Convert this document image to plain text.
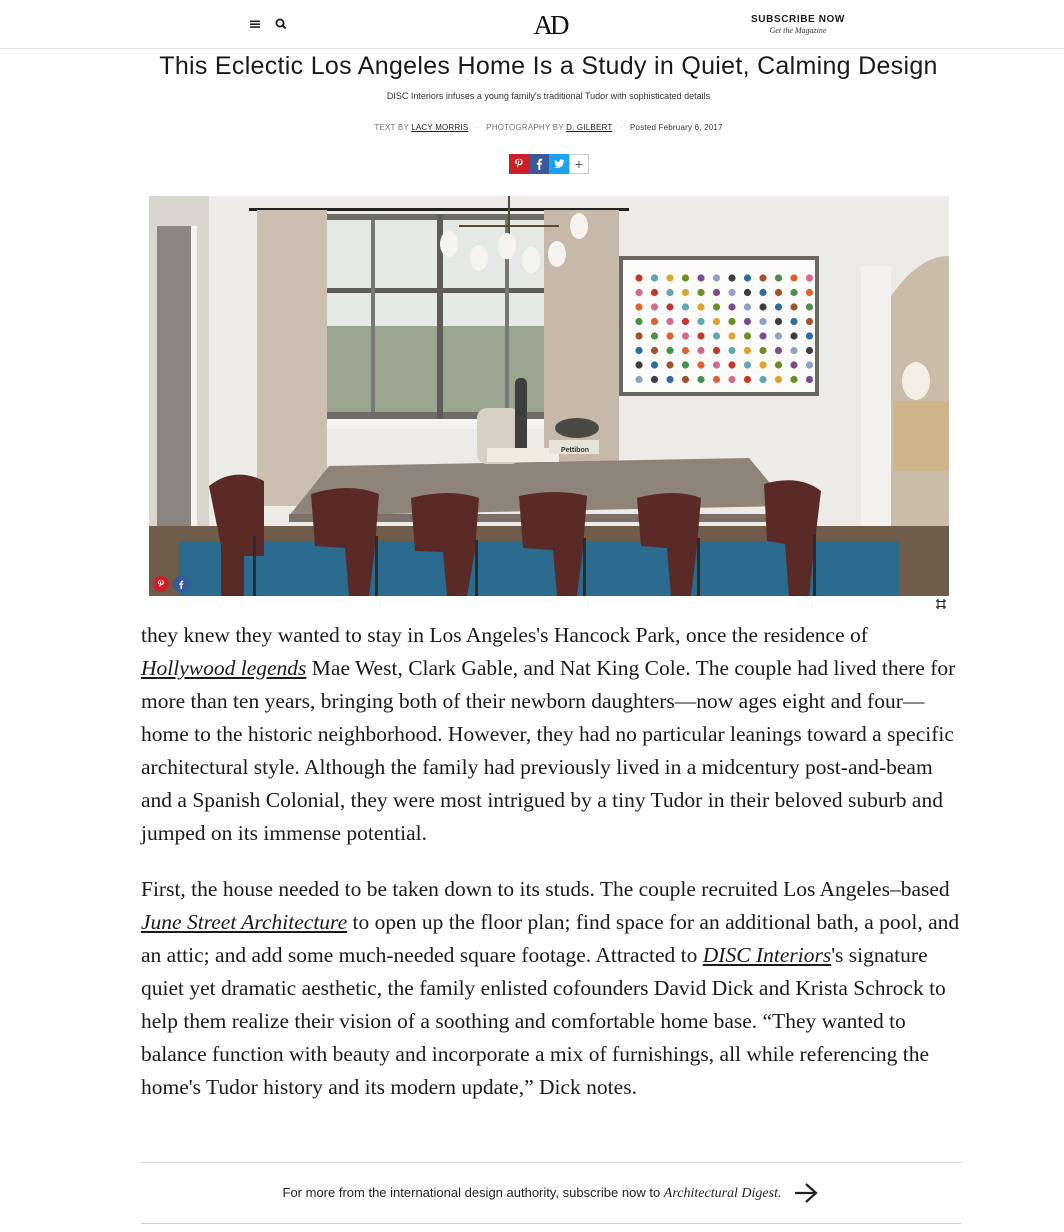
AD	SUBSCRIBE NOW
Get the Magazine
This Eclectic Los Angeles Home Is a Study in Quiet, Calming Design
DISC Interiors infuses a young family's traditional Tudor with sophisticated details
TEXT BY LACY MORRIS · PHOTOGRAPHY BY D. GILBERT · Posted February 6, 2017
+
Pettibon

they knew they wanted to stay in Los Angeles's Hancock Park, once the residence of Hollywood legends Mae West, Clark Gable, and Nat King Cole. The couple had lived there for more than ten years, bringing both of their newborn daughters—now ages eight and four—home to the historic neighborhood. However, they had no particular leanings toward a specific architectural style. Although the family had previously lived in a midcentury post-and-beam and a Spanish Colonial, they were most intrigued by a tiny Tudor in their beloved suburb and jumped on its immense potential.

First, the house needed to be taken down to its studs. The couple recruited Los Angeles–based June Street Architecture to open up the floor plan; find space for an additional bath, a pool, and an attic; and add some much-needed square footage. Attracted to DISC Interiors's signature quiet yet dramatic aesthetic, the family enlisted cofounders David Dick and Krista Schrock to help them realize their vision of a soothing and comfortable home base. “They wanted to balance function with beauty and incorporate a mix of furnishings, all while referencing the home's Tudor history and its modern update,” Dick notes.

For more from the international design authority, subscribe now to Architectural Digest.
